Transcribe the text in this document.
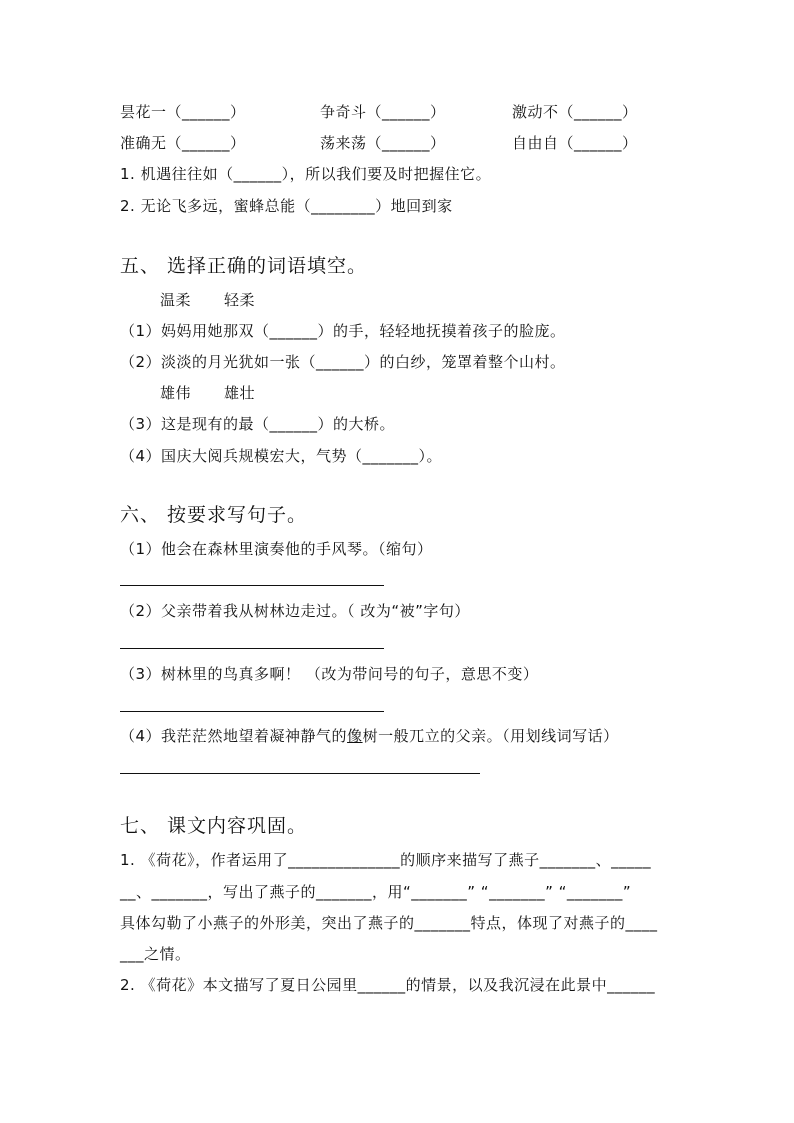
昙花一（______）	争奇斗（______）	激动不（______）
准确无（______）	荡来荡（______）	自由自（______）
1. 机遇往往如（______），所以我们要及时把握住它。
2. 无论飞多远，蜜蜂总能（________）地回到家
五、 选择正确的词语填空。
温柔 轻柔
（1）妈妈用她那双（______）的手，轻轻地抚摸着孩子的脸庞。
（2）淡淡的月光犹如一张（______）的白纱，笼罩着整个山村。
雄伟 雄壮
（3）这是现有的最（______）的大桥。
（4）国庆大阅兵规模宏大，气势（_______）。
六、 按要求写句子。
（1）他会在森林里演奏他的手风琴。（缩句）
（2）父亲带着我从树林边走过。（ 改为“被”字句）
（3）树林里的鸟真多啊！ （改为带问号的句子，意思不变）
（4）我茫茫然地望着凝神静气的像树一般兀立的父亲。（用划线词写话）
七、 课文内容巩固。
1. 《荷花》，作者运用了______________的顺序来描写了燕子_______、_____
__、_______，写出了燕子的_______，用“_______” “_______” “_______”
具体勾勒了小燕子的外形美，突出了燕子的_______特点，体现了对燕子的____
___之情。
2. 《荷花》本文描写了夏日公园里______的情景，以及我沉浸在此景中______
